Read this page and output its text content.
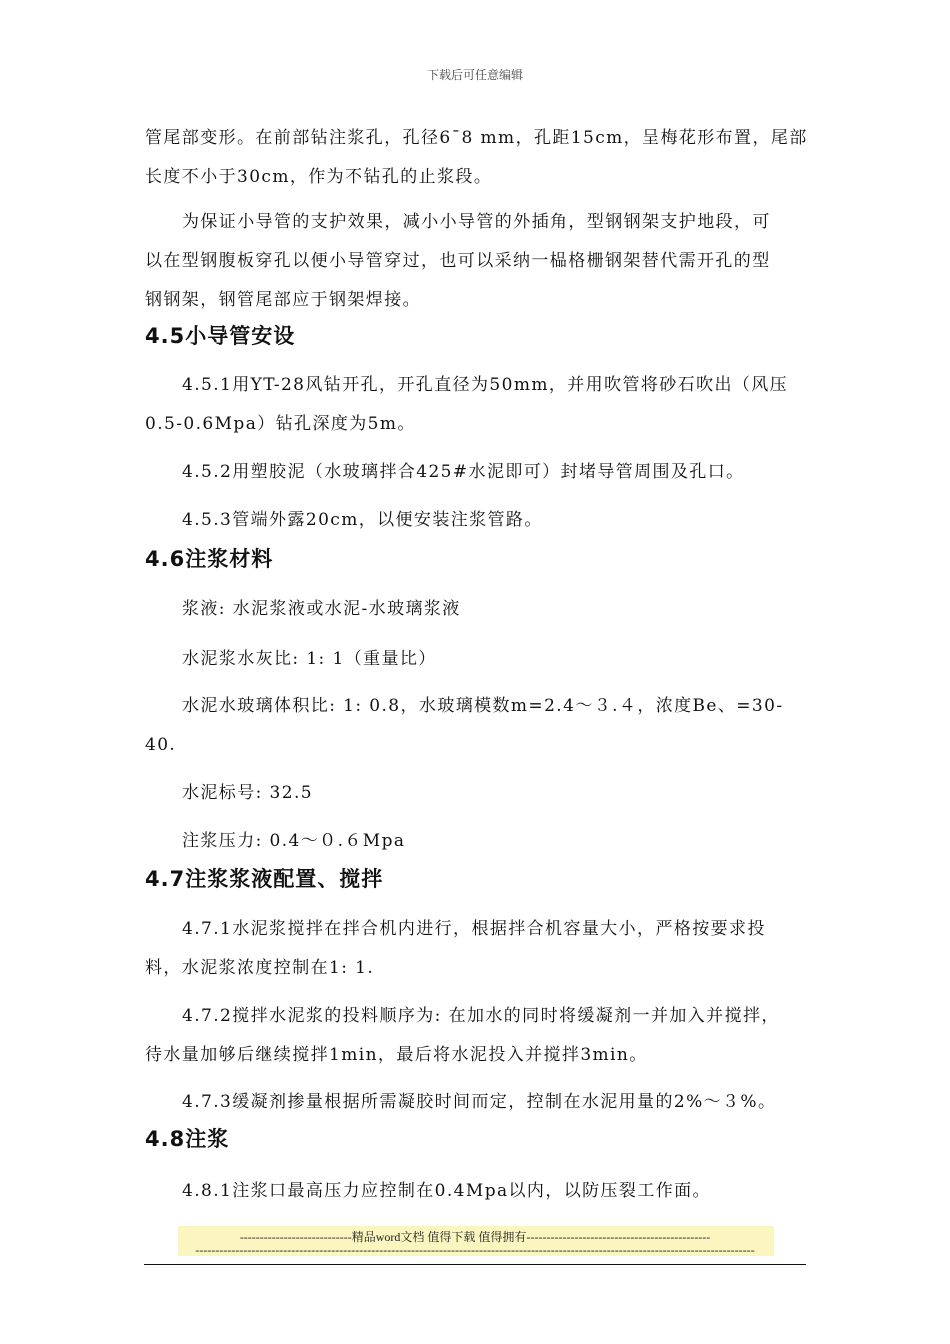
下载后可任意编辑
管尾部变形。在前部钻注浆孔，孔径6¯8 mm，孔距15cm，呈梅花形布置，尾部
长度不小于30cm，作为不钻孔的止浆段。
为保证小导管的支护效果，减小小导管的外插角，型钢钢架支护地段，可
以在型钢腹板穿孔以便小导管穿过，也可以采纳一榀格栅钢架替代需开孔的型
钢钢架，钢管尾部应于钢架焊接。
4.5小导管安设
4.5.1用YT-28风钻开孔，开孔直径为50mm，并用吹管将砂石吹出（风压
0.5-0.6Mpa）钻孔深度为5m。
4.5.2用塑胶泥（水玻璃拌合425#水泥即可）封堵导管周围及孔口。
4.5.3管端外露20cm，以便安装注浆管路。
4.6注浆材料
浆液: 水泥浆液或水泥-水玻璃浆液
水泥浆水灰比: 1: 1（重量比）
水泥水玻璃体积比: 1: 0.8，水玻璃模数m=2.4～３.４，浓度Be、=30-
40.
水泥标号: 32.5
注浆压力: 0.4～０.６Mpa
4.7注浆浆液配置、搅拌
4.7.1水泥浆搅拌在拌合机内进行，根据拌合机容量大小，严格按要求投
料，水泥浆浓度控制在1: 1.
4.7.2搅拌水泥浆的投料顺序为: 在加水的同时将缓凝剂一并加入并搅拌，
待水量加够后继续搅拌1min，最后将水泥投入并搅拌3min。
4.7.3缓凝剂掺量根据所需凝胶时间而定，控制在水泥用量的2%～３%。
4.8注浆
4.8.1注浆口最高压力应控制在0.4Mpa以内，以防压裂工作面。
----------------------------精品word文档 值得下载 值得拥有----------------------------------------------
--------------------------------------------------------------------------------------------------------------------------------------------
